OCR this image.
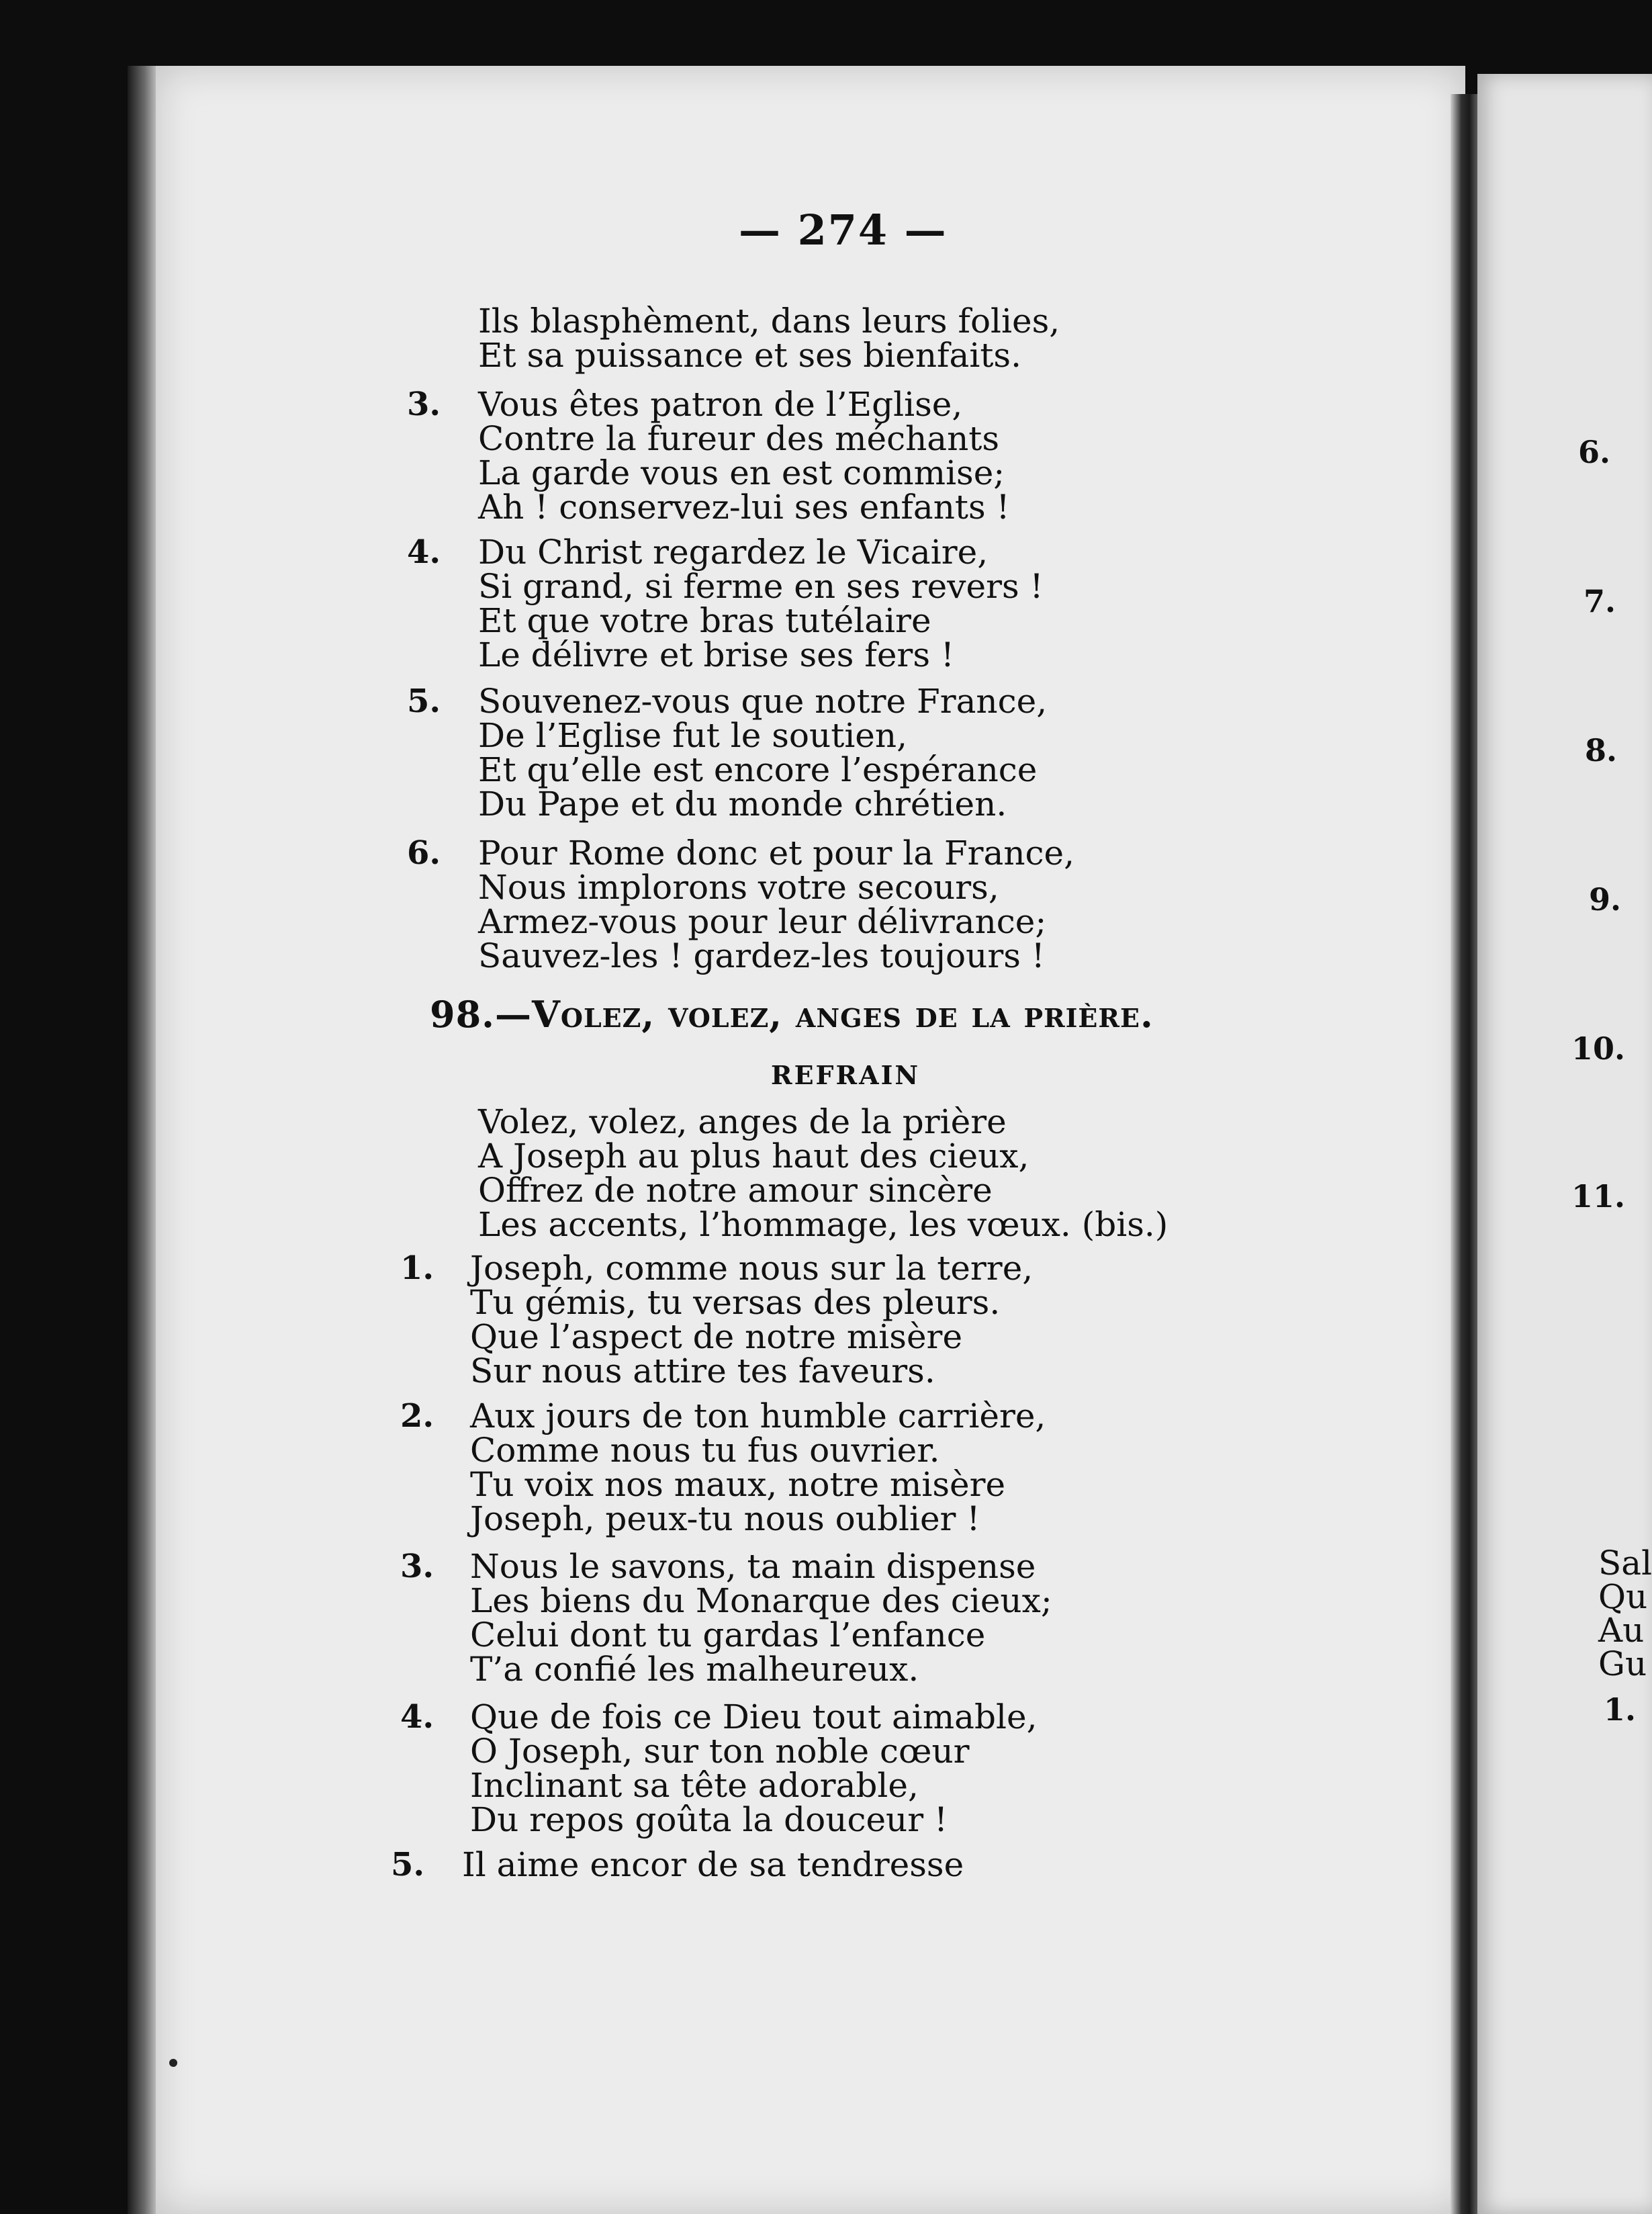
— 274 —
98.—Volez, volez, anges de la prière.
REFRAIN
Ils blasphèment, dans leurs folies,
Et sa puissance et ses bienfaits.
3. Vous êtes patron de l’Eglise,
Contre la fureur des méchants
La garde vous en est commise;
Ah ! conservez-lui ses enfants !
4. Du Christ regardez le Vicaire,
Si grand, si ferme en ses revers !
Et que votre bras tutélaire
Le délivre et brise ses fers !
5. Souvenez-vous que notre France,
De l’Eglise fut le soutien,
Et qu’elle est encore l’espérance
Du Pape et du monde chrétien.
6. Pour Rome donc et pour la France,
Nous implorons votre secours,
Armez-vous pour leur délivrance;
Sauvez-les ! gardez-les toujours !
Volez, volez, anges de la prière
A Joseph au plus haut des cieux,
Offrez de notre amour sincère
Les accents, l’hommage, les vœux. (bis.)
1. Joseph, comme nous sur la terre,
Tu gémis, tu versas des pleurs.
Que l’aspect de notre misère
Sur nous attire tes faveurs.
2. Aux jours de ton humble carrière,
Comme nous tu fus ouvrier.
Tu voix nos maux, notre misère
Joseph, peux-tu nous oublier !
3. Nous le savons, ta main dispense
Les biens du Monarque des cieux;
Celui dont tu gardas l’enfance
T’a confié les malheureux.
4. Que de fois ce Dieu tout aimable,
O Joseph, sur ton noble cœur
Inclinant sa tête adorable,
Du repos goûta la douceur !
5. Il aime encor de sa tendresse
6.
7.
8.
9.
10.
11.
Sal
Qu
Au
Gu
1.
